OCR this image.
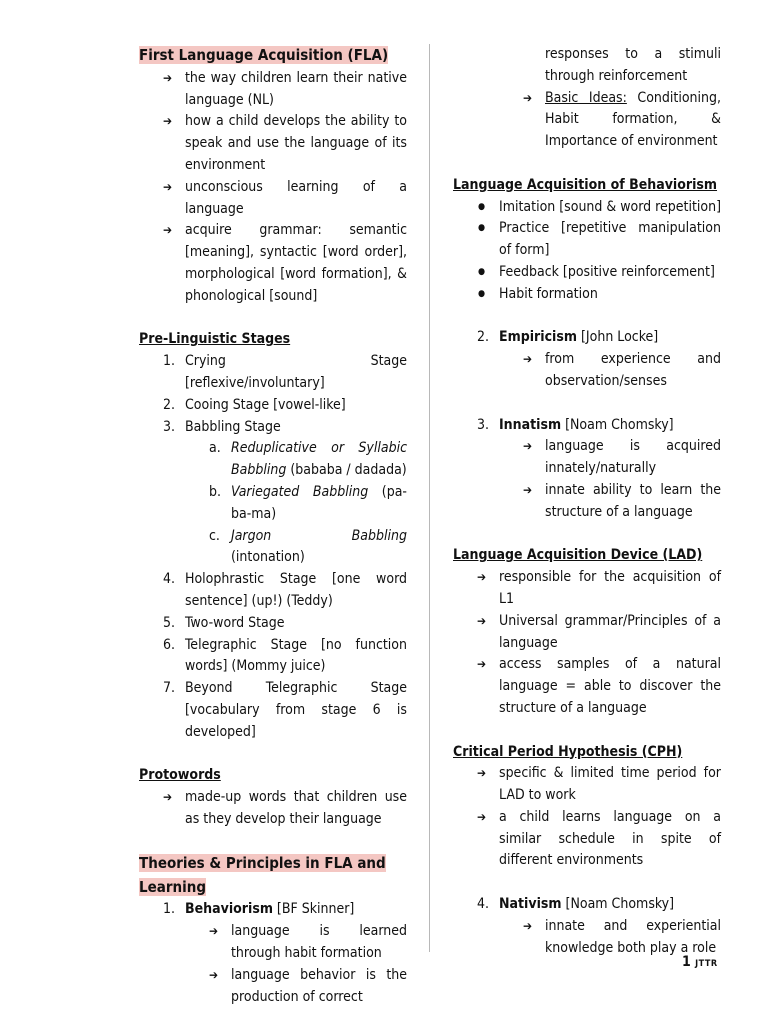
First Language Acquisition (FLA)
➔ the way children learn their native language (NL)
➔ how a child develops the ability to speak and use the language of its environment
➔ unconscious learning of a language
➔ acquire grammar: semantic [meaning], syntactic [word order], morphological [word formation], & phonological [sound]
Pre-Linguistic Stages
1. Crying Stage [reflexive/involuntary]
2. Cooing Stage [vowel-like]
3. Babbling Stage
a. Reduplicative or Syllabic Babbling (bababa / dadada)
b. Variegated Babbling (pa-ba-ma)
c. Jargon Babbling (intonation)
4. Holophrastic Stage [one word sentence] (up!) (Teddy)
5. Two-word Stage
6. Telegraphic Stage [no function words] (Mommy juice)
7. Beyond Telegraphic Stage [vocabulary from stage 6 is developed]
Protowords
➔ made-up words that children use as they develop their language
Theories & Principles in FLA and Learning
1. Behaviorism [BF Skinner]
➔ language is learned through habit formation
➔ language behavior is the production of correct
responses to a stimuli through reinforcement
➔ Basic Ideas: Conditioning, Habit formation, & Importance of environment
Language Acquisition of Behaviorism
● Imitation [sound & word repetition]
● Practice [repetitive manipulation of form]
● Feedback [positive reinforcement]
● Habit formation
2. Empiricism [John Locke]
➔ from experience and observation/senses
3. Innatism [Noam Chomsky]
➔ language is acquired innately/naturally
➔ innate ability to learn the structure of a language
Language Acquisition Device (LAD)
➔ responsible for the acquisition of L1
➔ Universal grammar/Principles of a language
➔ access samples of a natural language = able to discover the structure of a language
Critical Period Hypothesis (CPH)
➔ specific & limited time period for LAD to work
➔ a child learns language on a similar schedule in spite of different environments
4. Nativism [Noam Chomsky]
➔ innate and experiential knowledge both play a role
1 JTTR
